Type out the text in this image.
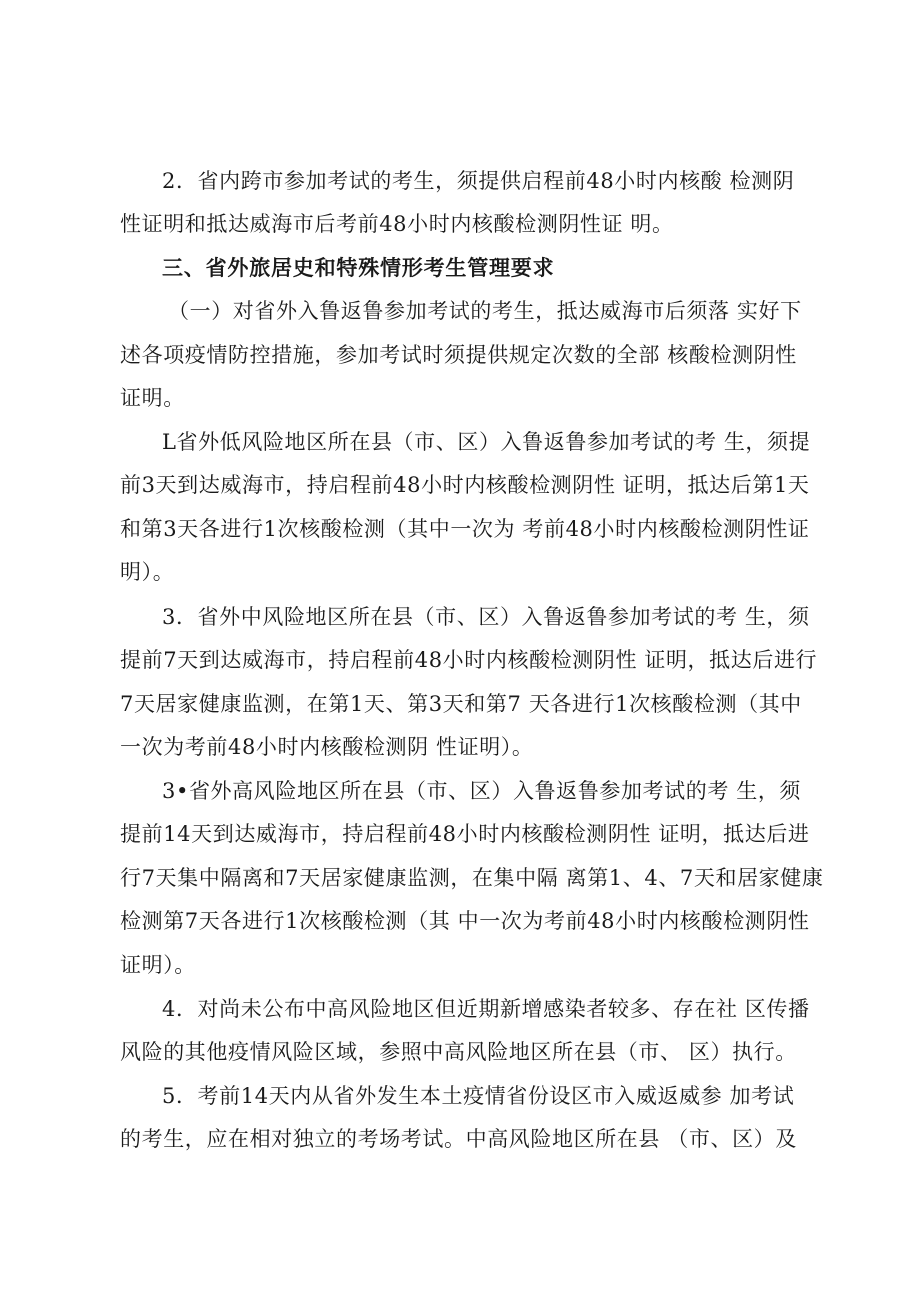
2．省内跨市参加考试的考生，须提供启程前48小时内核酸 检测阴
性证明和抵达威海市后考前48小时内核酸检测阴性证 明。
三、省外旅居史和特殊情形考生管理要求
（一）对省外入鲁返鲁参加考试的考生，抵达威海市后须落 实好下
述各项疫情防控措施，参加考试时须提供规定次数的全部 核酸检测阴性
证明。
L省外低风险地区所在县（市、区）入鲁返鲁参加考试的考 生，须提
前3天到达威海市，持启程前48小时内核酸检测阴性 证明，抵达后第1天
和第3天各进行1次核酸检测（其中一次为 考前48小时内核酸检测阴性证
明）。
3．省外中风险地区所在县（市、区）入鲁返鲁参加考试的考 生，须
提前7天到达威海市，持启程前48小时内核酸检测阴性 证明，抵达后进行
7天居家健康监测，在第1天、第3天和第7 天各进行1次核酸检测（其中
一次为考前48小时内核酸检测阴 性证明）。
3•省外高风险地区所在县（市、区）入鲁返鲁参加考试的考 生，须
提前14天到达威海市，持启程前48小时内核酸检测阴性 证明，抵达后进
行7天集中隔离和7天居家健康监测，在集中隔 离第1、4、7天和居家健康
检测第7天各进行1次核酸检测（其 中一次为考前48小时内核酸检测阴性
证明）。
4．对尚未公布中高风险地区但近期新增感染者较多、存在社 区传播
风险的其他疫情风险区域，参照中高风险地区所在县（市、 区）执行。
5．考前14天内从省外发生本土疫情省份设区市入威返威参 加考试
的考生，应在相对独立的考场考试。中高风险地区所在县 （市、区）及
